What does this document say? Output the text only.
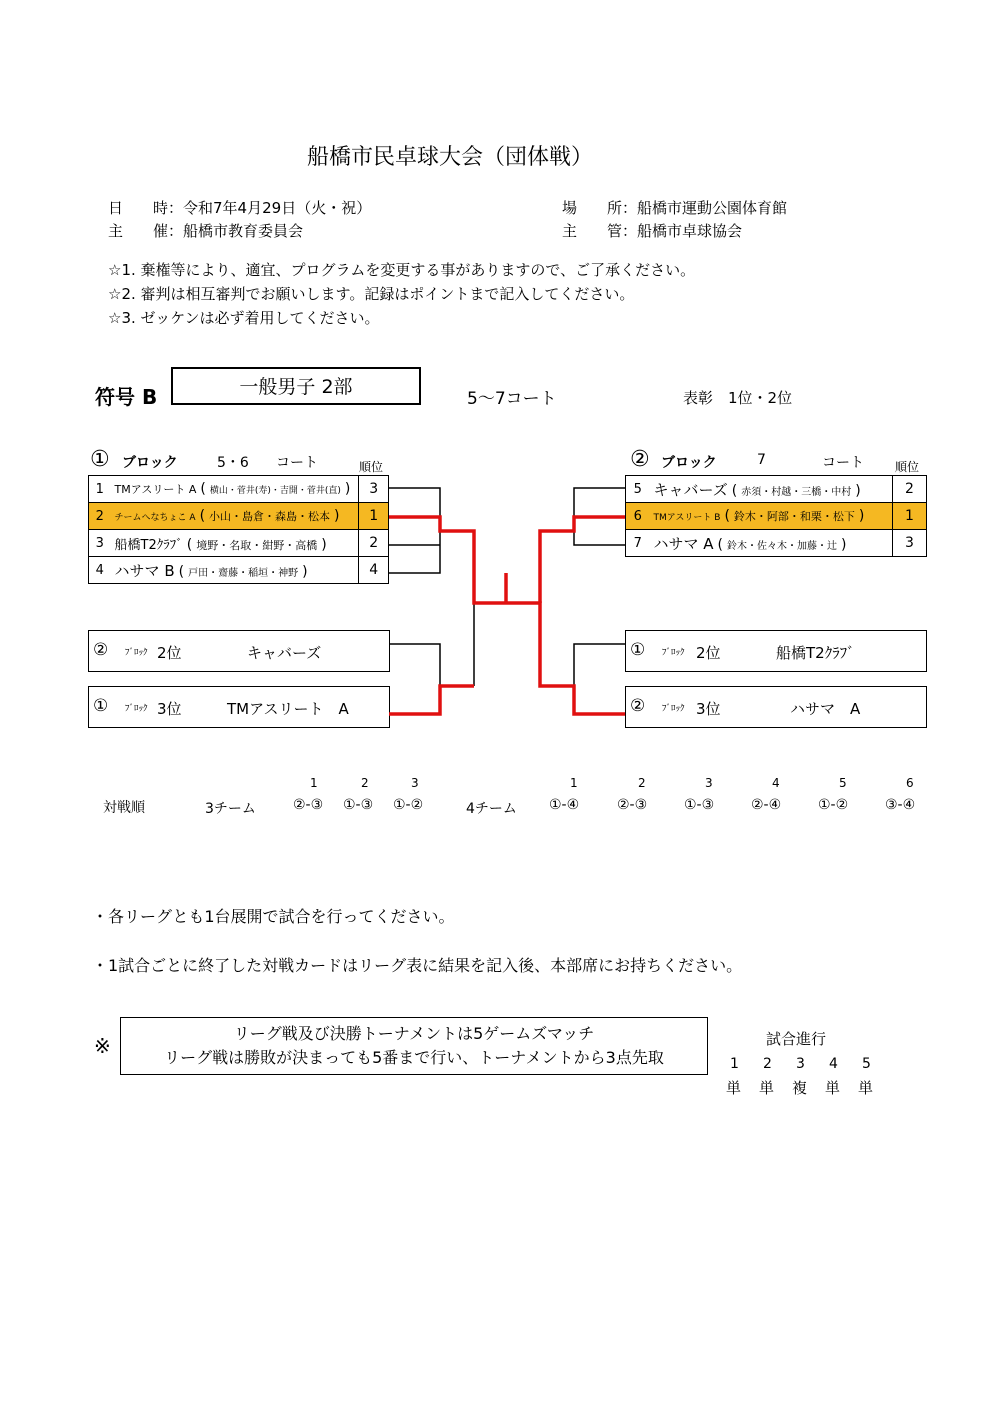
船橋市民卓球大会（団体戦）
日　　時：令和7年4月29日（火・祝）	場　　所：船橋市運動公園体育館
主　　催：船橋市教育委員会	主　　管：船橋市卓球協会
☆1. 棄権等により、適宜、プログラムを変更する事がありますので、ご了承ください。
☆2. 審判は相互審判でお願いします。記録はポイントまで記入してください。
☆3. ゼッケンは必ず着用してください。
符号 B	一般男子 2部
5～7コート	表彰　1位・2位
① ブロック	5・6 コート	順位
1	TMアスリート A ( 横山・菅井(寿)・吉開・菅井(直) )	3
2	チームへなちょこ A ( 小山・島倉・森島・松本 )	1
3	船橋T2ｸﾗﾌﾞ ( 境野・名取・紺野・高橋 )	2
4	ハサマ B ( 戸田・齋藤・稲垣・神野 )	4
② ブロック	7	コート	順位
5	キャバーズ ( 赤須・村越・三橋・中村 )	2
6	TMアスリート B ( 鈴木・阿部・和栗・松下 )	1
7	ハサマ A ( 鈴木・佐々木・加藤・辻 )	3
② ﾌﾞﾛｯｸ 2位	キャバーズ
① ﾌﾞﾛｯｸ 3位	TMアスリート　A
① ﾌﾞﾛｯｸ 2位	船橋T2ｸﾗﾌﾞ
② ﾌﾞﾛｯｸ 3位	ハサマ　A
対戦順	3チーム
1	2	3
②-③ ①-③ ①-②	4チーム
1	2	3	4	5	6
①-④	②-③	①-③	②-④	①-②	③-④
・各リーグとも1台展開で試合を行ってください。
・1試合ごとに終了した対戦カードはリーグ表に結果を記入後、本部席にお持ちください。
※
リーグ戦及び決勝トーナメントは5ゲームズマッチ
リーグ戦は勝敗が決まっても5番まで行い、トーナメントから3点先取
試合進行
1 2 3 4 5
単 単 複 単 単
